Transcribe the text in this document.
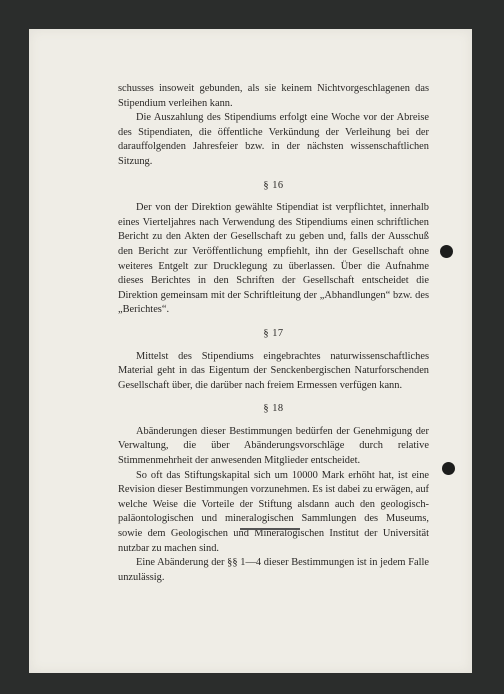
schusses insoweit gebunden, als sie keinem Nichtvorgeschlagenen das Stipendium verleihen kann.

Die Auszahlung des Stipendiums erfolgt eine Woche vor der Abreise des Stipendiaten, die öffentliche Verkündung der Verleihung bei der darauffolgenden Jahresfeier bzw. in der nächsten wissenschaftlichen Sitzung.

§ 16

Der von der Direktion gewählte Stipendiat ist verpflichtet, innerhalb eines Vierteljahres nach Verwendung des Stipendiums einen schriftlichen Bericht zu den Akten der Gesellschaft zu geben und, falls der Ausschuß den Bericht zur Veröffentlichung empfiehlt, ihn der Gesellschaft ohne weiteres Entgelt zur Drucklegung zu überlassen. Über die Aufnahme dieses Berichtes in den Schriften der Gesellschaft entscheidet die Direktion gemeinsam mit der Schriftleitung der „Abhandlungen“ bzw. des „Berichtes“.

§ 17

Mittelst des Stipendiums eingebrachtes naturwissenschaftliches Material geht in das Eigentum der Senckenbergischen Naturforschenden Gesellschaft über, die darüber nach freiem Ermessen verfügen kann.

§ 18

Abänderungen dieser Bestimmungen bedürfen der Genehmigung der Verwaltung, die über Abänderungsvorschläge durch relative Stimmenmehrheit der anwesenden Mitglieder entscheidet.

So oft das Stiftungskapital sich um 10000 Mark erhöht hat, ist eine Revision dieser Bestimmungen vorzunehmen. Es ist dabei zu erwägen, auf welche Weise die Vorteile der Stiftung alsdann auch den geologisch-paläontologischen und mineralogischen Sammlungen des Museums, sowie dem Geologischen und Mineralogischen Institut der Universität nutzbar zu machen sind.

Eine Abänderung der §§ 1—4 dieser Bestimmungen ist in jedem Falle unzulässig.
